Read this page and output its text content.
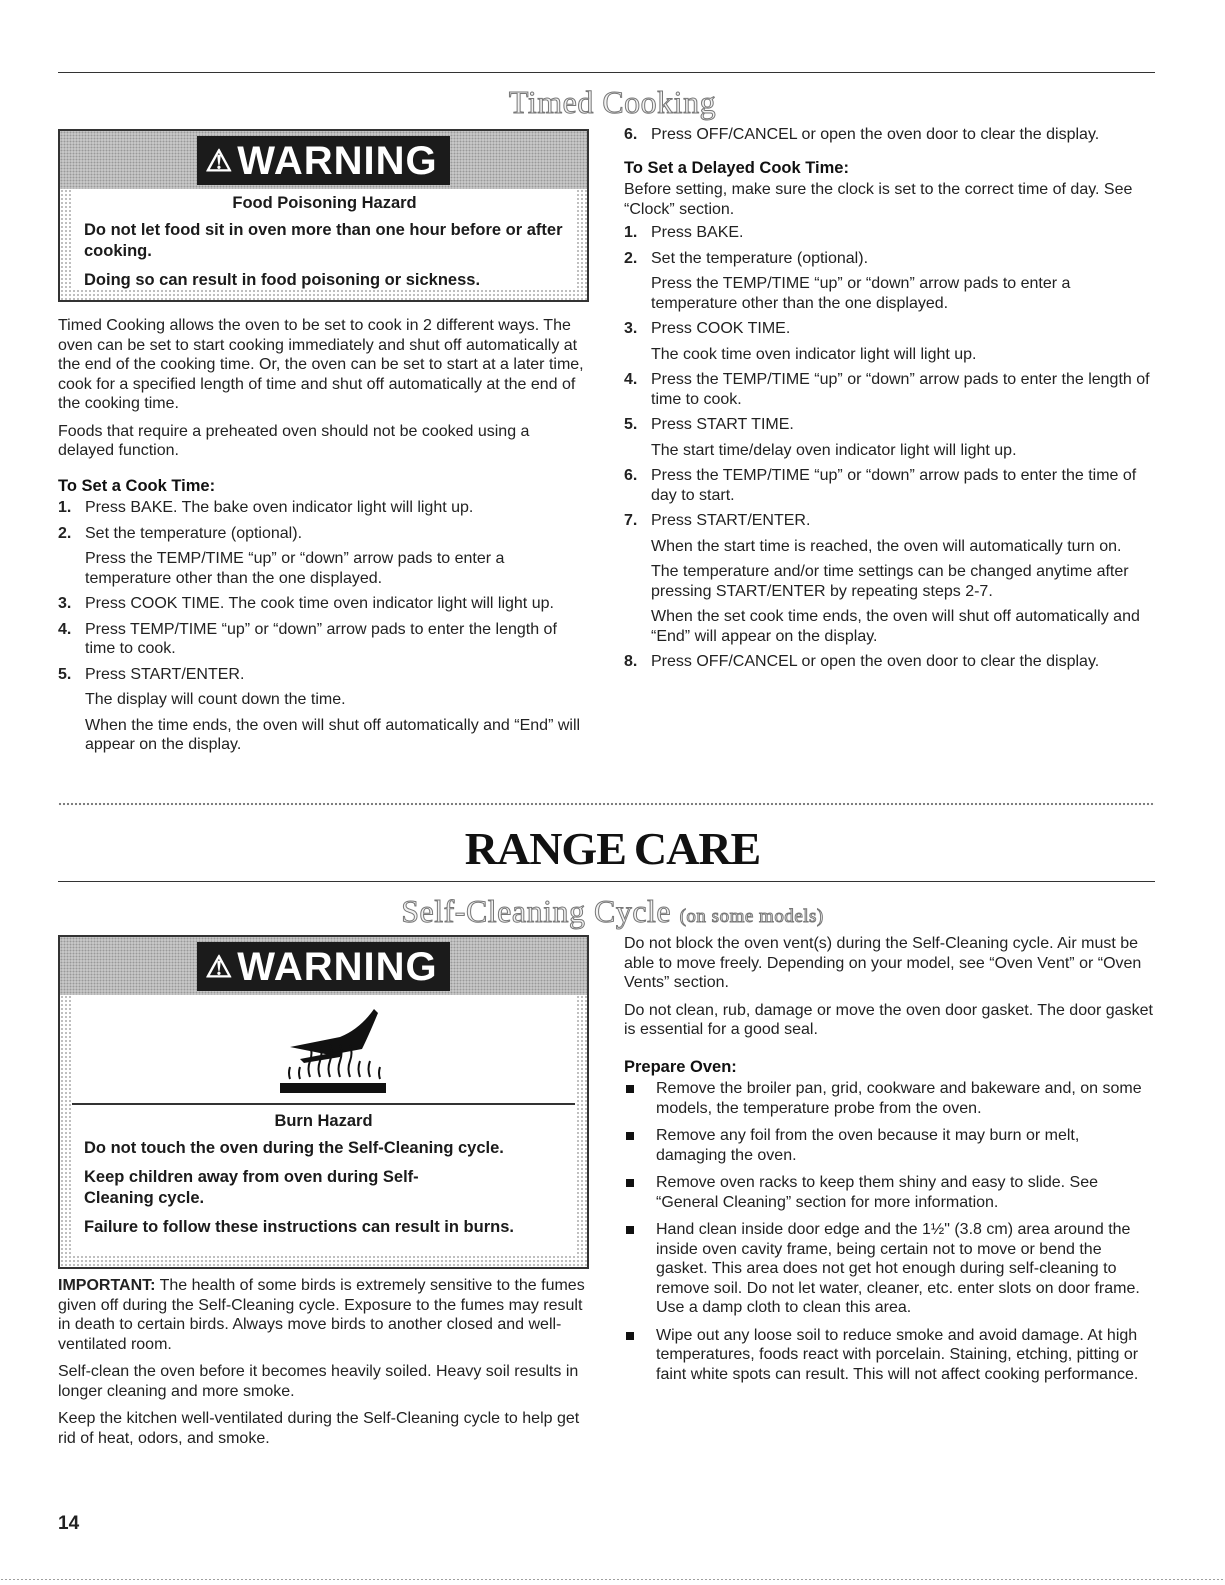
Timed Cooking
⚠ WARNING
Food Poisoning Hazard

Do not let food sit in oven more than one hour before or after cooking.

Doing so can result in food poisoning or sickness.

Timed Cooking allows the oven to be set to cook in 2 different ways. The oven can be set to start cooking immediately and shut off automatically at the end of the cooking time. Or, the oven can be set to start at a later time, cook for a specified length of time and shut off automatically at the end of the cooking time.

Foods that require a preheated oven should not be cooked using a delayed function.

To Set a Cook Time:
1. Press BAKE. The bake oven indicator light will light up.
2. Set the temperature (optional).
Press the TEMP/TIME “up” or “down” arrow pads to enter a temperature other than the one displayed.
3. Press COOK TIME. The cook time oven indicator light will light up.
4. Press TEMP/TIME “up” or “down” arrow pads to enter the length of time to cook.
5. Press START/ENTER.
The display will count down the time.
When the time ends, the oven will shut off automatically and “End” will appear on the display.
6. Press OFF/CANCEL or open the oven door to clear the display.
To Set a Delayed Cook Time:

Before setting, make sure the clock is set to the correct time of day. See “Clock” section.

1. Press BAKE.
2. Set the temperature (optional).
Press the TEMP/TIME “up” or “down” arrow pads to enter a temperature other than the one displayed.
3. Press COOK TIME.
The cook time oven indicator light will light up.
4. Press the TEMP/TIME “up” or “down” arrow pads to enter the length of time to cook.
5. Press START TIME.
The start time/delay oven indicator light will light up.
6. Press the TEMP/TIME “up” or “down” arrow pads to enter the time of day to start.
7. Press START/ENTER.
When the start time is reached, the oven will automatically turn on.
The temperature and/or time settings can be changed anytime after pressing START/ENTER by repeating steps 2-7.
When the set cook time ends, the oven will shut off automatically and “End” will appear on the display.
8. Press OFF/CANCEL or open the oven door to clear the display.
RANGE CARE
Self-Cleaning Cycle (on some models)
⚠ WARNING
Burn Hazard

Do not touch the oven during the Self-Cleaning cycle.

Keep children away from oven during Self-Cleaning cycle.

Failure to follow these instructions can result in burns.

IMPORTANT: The health of some birds is extremely sensitive to the fumes given off during the Self-Cleaning cycle. Exposure to the fumes may result in death to certain birds. Always move birds to another closed and well-ventilated room.

Self-clean the oven before it becomes heavily soiled. Heavy soil results in longer cleaning and more smoke.

Keep the kitchen well-ventilated during the Self-Cleaning cycle to help get rid of heat, odors, and smoke.

Do not block the oven vent(s) during the Self-Cleaning cycle. Air must be able to move freely. Depending on your model, see “Oven Vent” or “Oven Vents” section.

Do not clean, rub, damage or move the oven door gasket. The door gasket is essential for a good seal.

Prepare Oven:
Remove the broiler pan, grid, cookware and bakeware and, on some models, the temperature probe from the oven.
Remove any foil from the oven because it may burn or melt, damaging the oven.
Remove oven racks to keep them shiny and easy to slide. See “General Cleaning” section for more information.
Hand clean inside door edge and the 1½" (3.8 cm) area around the inside oven cavity frame, being certain not to move or bend the gasket. This area does not get hot enough during self-cleaning to remove soil. Do not let water, cleaner, etc. enter slots on door frame. Use a damp cloth to clean this area.
Wipe out any loose soil to reduce smoke and avoid damage. At high temperatures, foods react with porcelain. Staining, etching, pitting or faint white spots can result. This will not affect cooking performance.
14
